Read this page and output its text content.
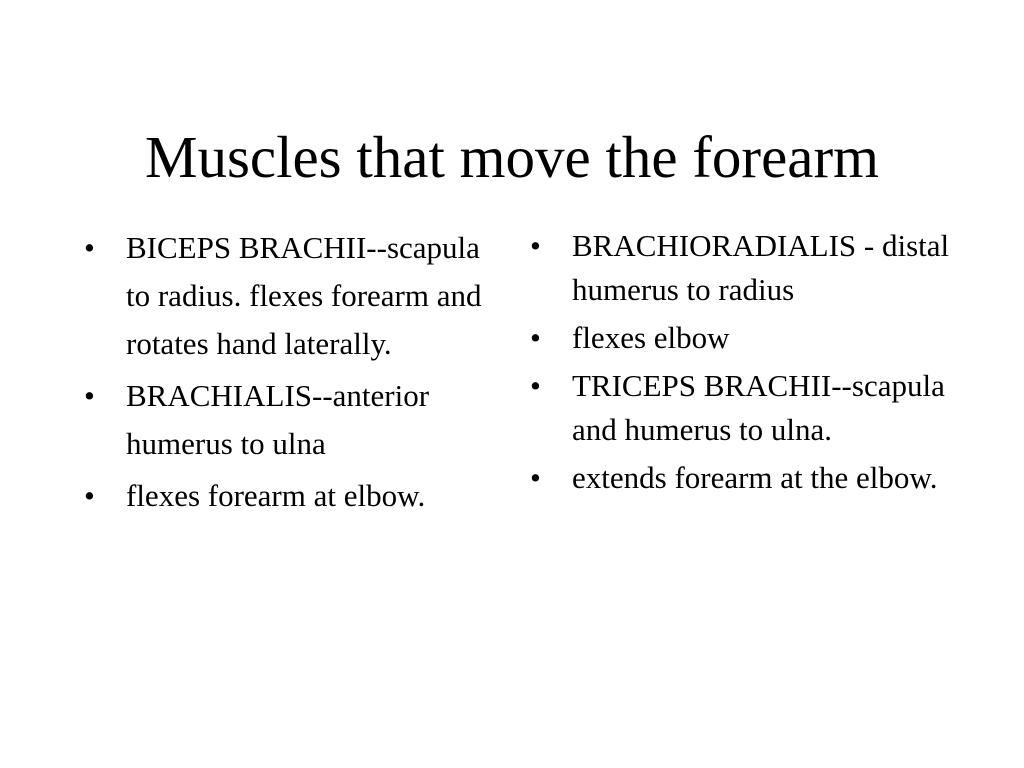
Muscles that move the forearm
•	BICEPS BRACHII--scapula to radius. flexes forearm and rotates hand laterally.
•	BRACHIALIS--anterior humerus to ulna
•	flexes forearm at elbow.
•	BRACHIORADIALIS - distal humerus to radius
•	flexes elbow
•	TRICEPS BRACHII--scapula and humerus to ulna.
•	extends forearm at the elbow.
